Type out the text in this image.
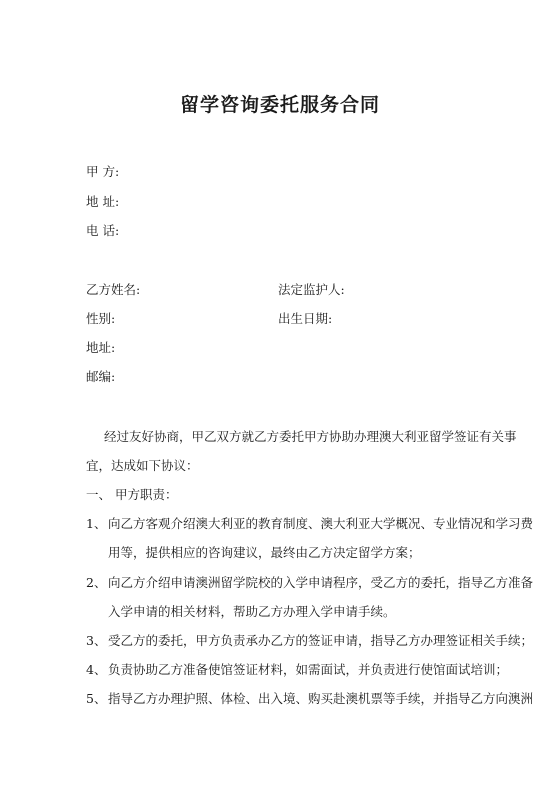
留学咨询委托服务合同
甲 方:
地 址:
电 话:
乙方姓名:	法定监护人:
性别:	出生日期:
地址:
邮编:
经过友好协商，甲乙双方就乙方委托甲方协助办理澳大利亚留学签证有关事
宜，达成如下协议：
一、 甲方职责：
1、 向乙方客观介绍澳大利亚的教育制度、澳大利亚大学概况、专业情况和学习费
用等，提供相应的咨询建议，最终由乙方决定留学方案；
2、 向乙方介绍申请澳洲留学院校的入学申请程序，受乙方的委托，指导乙方准备
入学申请的相关材料，帮助乙方办理入学申请手续。
3、 受乙方的委托，甲方负责承办乙方的签证申请，指导乙方办理签证相关手续；
4、 负责协助乙方准备使馆签证材料，如需面试，并负责进行使馆面试培训；
5、 指导乙方办理护照、体检、出入境、购买赴澳机票等手续，并指导乙方向澳洲
